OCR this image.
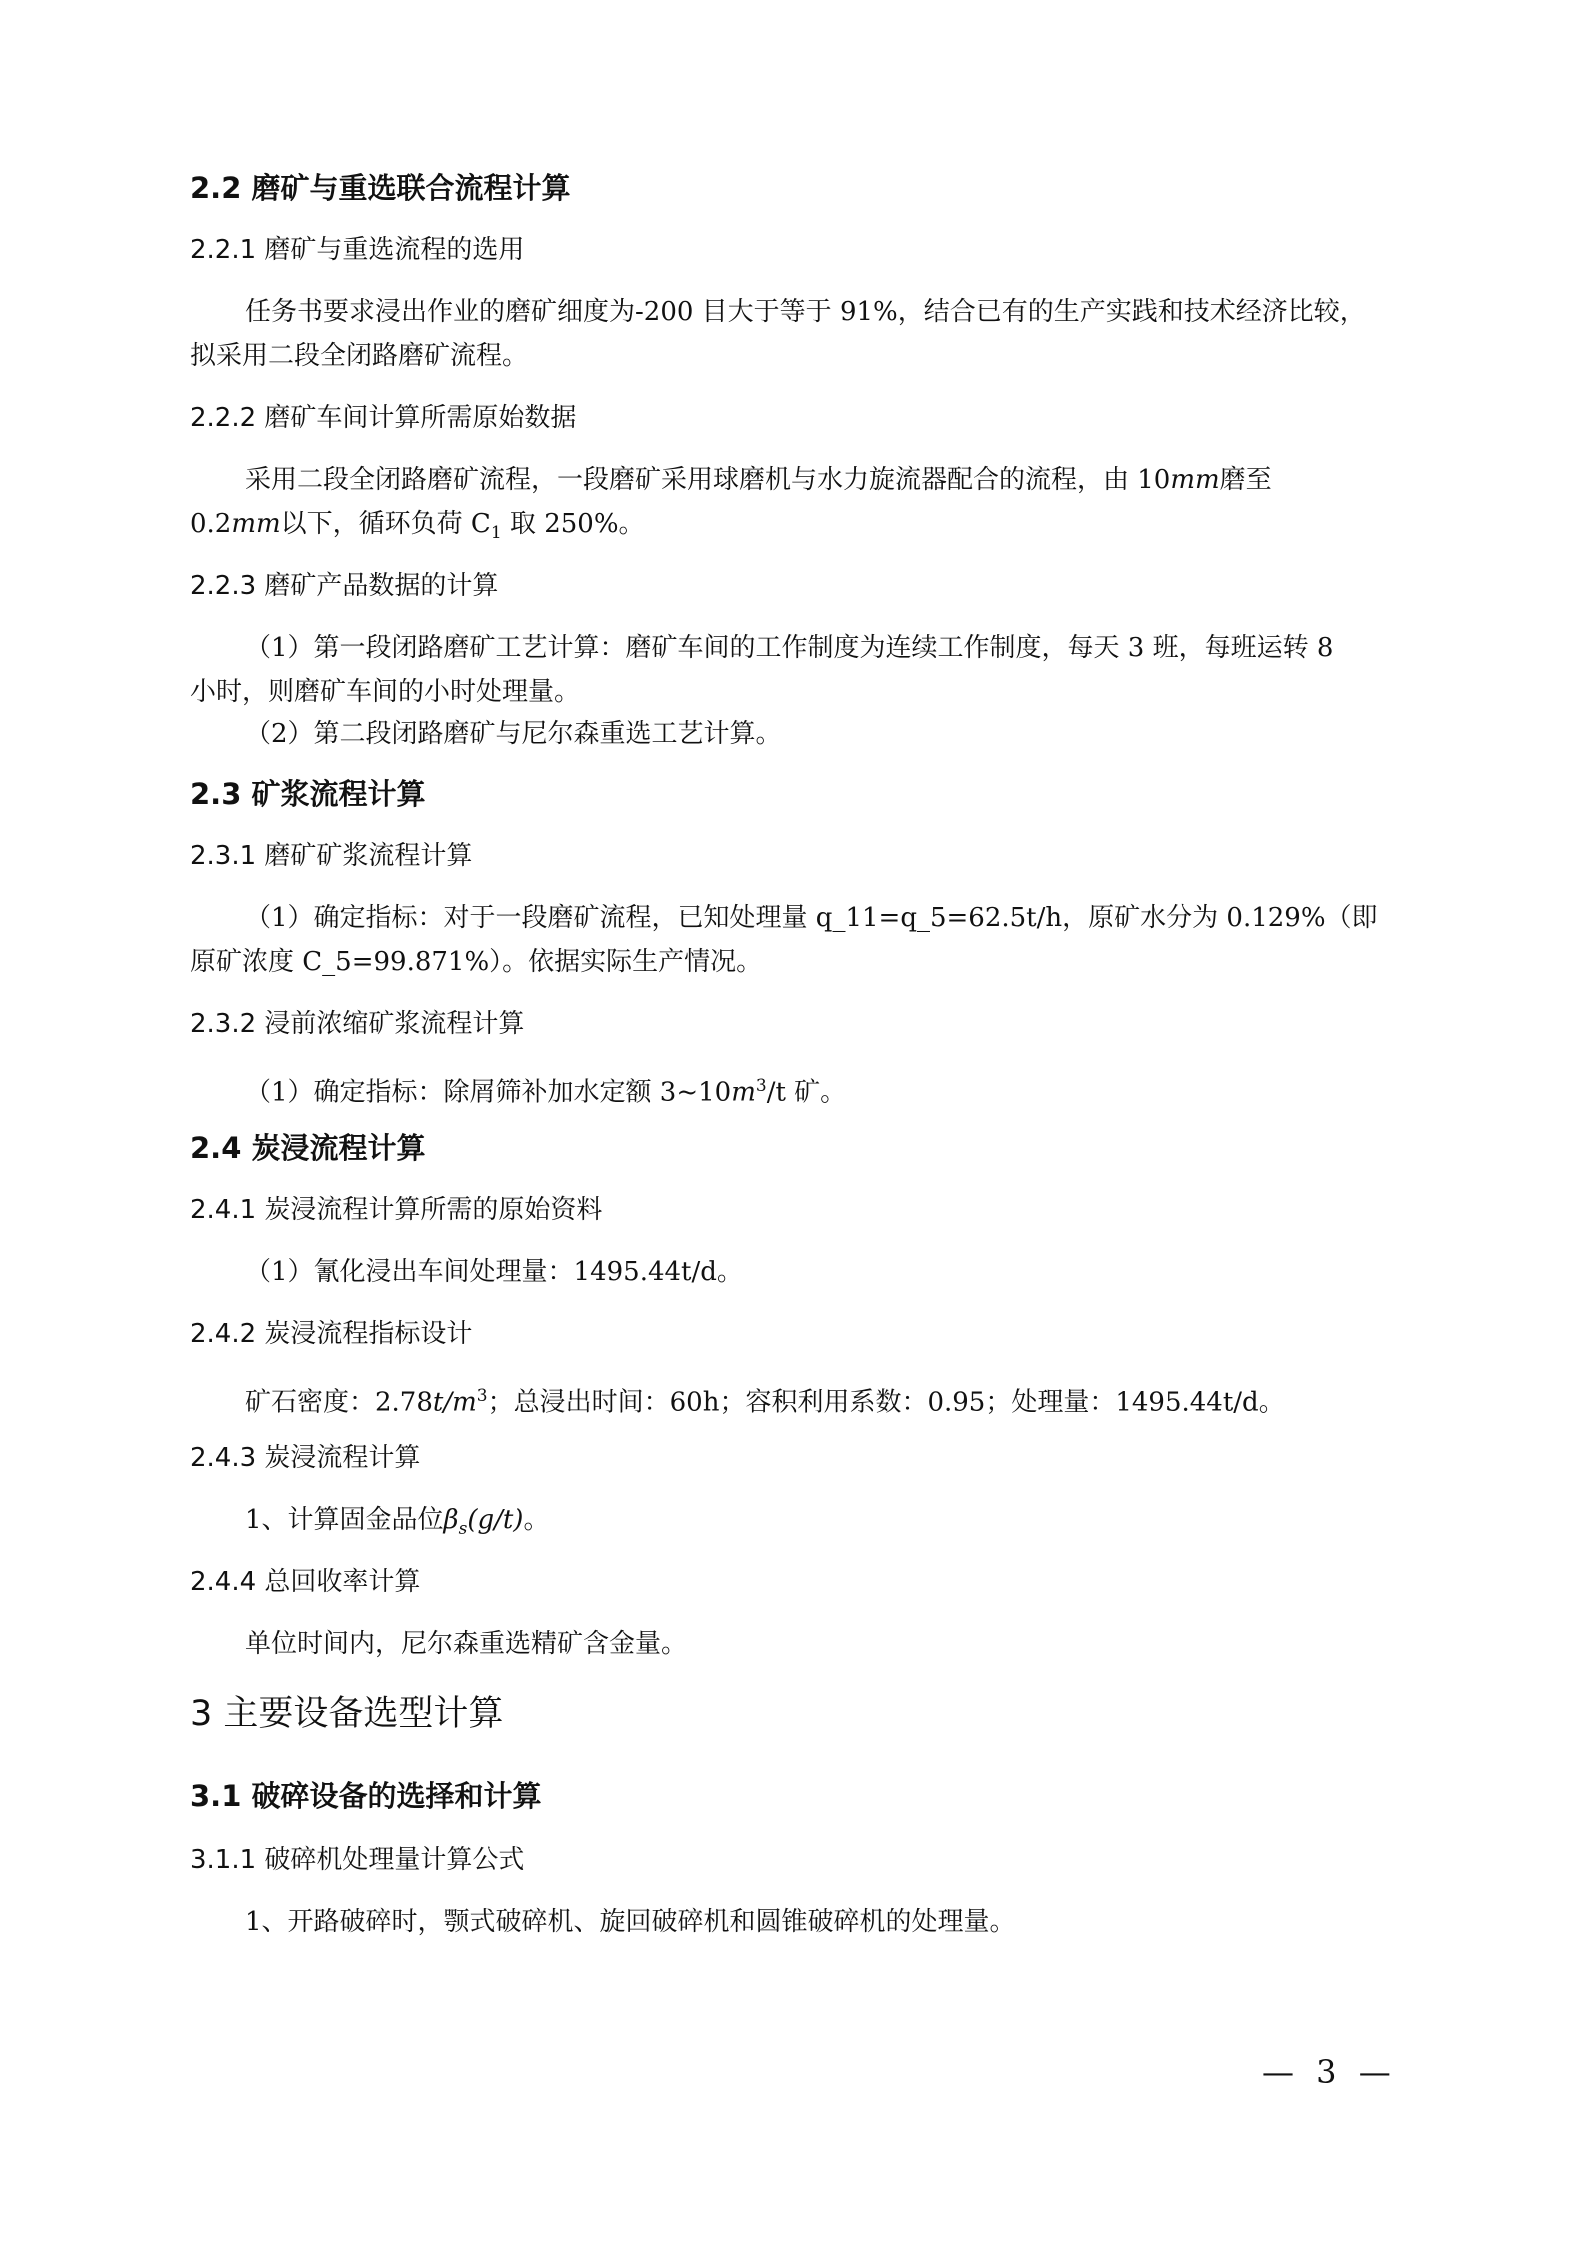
2.2 磨矿与重选联合流程计算
2.2.1 磨矿与重选流程的选用
任务书要求浸出作业的磨矿细度为-200 目大于等于 91%，结合已有的生产实践和技术经济比较，
拟采用二段全闭路磨矿流程。
2.2.2 磨矿车间计算所需原始数据
采用二段全闭路磨矿流程，一段磨矿采用球磨机与水力旋流器配合的流程，由 10mm磨至
0.2mm以下，循环负荷 $C_1$ 取 250%。
2.2.3 磨矿产品数据的计算
（1）第一段闭路磨矿工艺计算：磨矿车间的工作制度为连续工作制度，每天 3 班，每班运转 8
小时，则磨矿车间的小时处理量。
（2）第二段闭路磨矿与尼尔森重选工艺计算。
2.3 矿浆流程计算
2.3.1 磨矿矿浆流程计算
（1）确定指标：对于一段磨矿流程，已知处理量 q_11=q_5=62.5t/h，原矿水分为 0.129%（即
原矿浓度 C_5=99.871%）。依据实际生产情况。
2.3.2 浸前浓缩矿浆流程计算
（1）确定指标：除屑筛补加水定额 $3\sim 10m^3/t$ 矿。
2.4 炭浸流程计算
2.4.1 炭浸流程计算所需的原始资料
（1）氰化浸出车间处理量：1495.44t/d。
2.4.2 炭浸流程指标设计
矿石密度：$2.78t/m^3$；总浸出时间：60h；容积利用系数：0.95；处理量：1495.44t/d。
2.4.3 炭浸流程计算
1、计算固金品位$\beta_s(g/t)$。
2.4.4 总回收率计算
单位时间内，尼尔森重选精矿含金量。
3 主要设备选型计算
3.1 破碎设备的选择和计算
3.1.1 破碎机处理量计算公式
1、开路破碎时，颚式破碎机、旋回破碎机和圆锥破碎机的处理量。
— 3 —
